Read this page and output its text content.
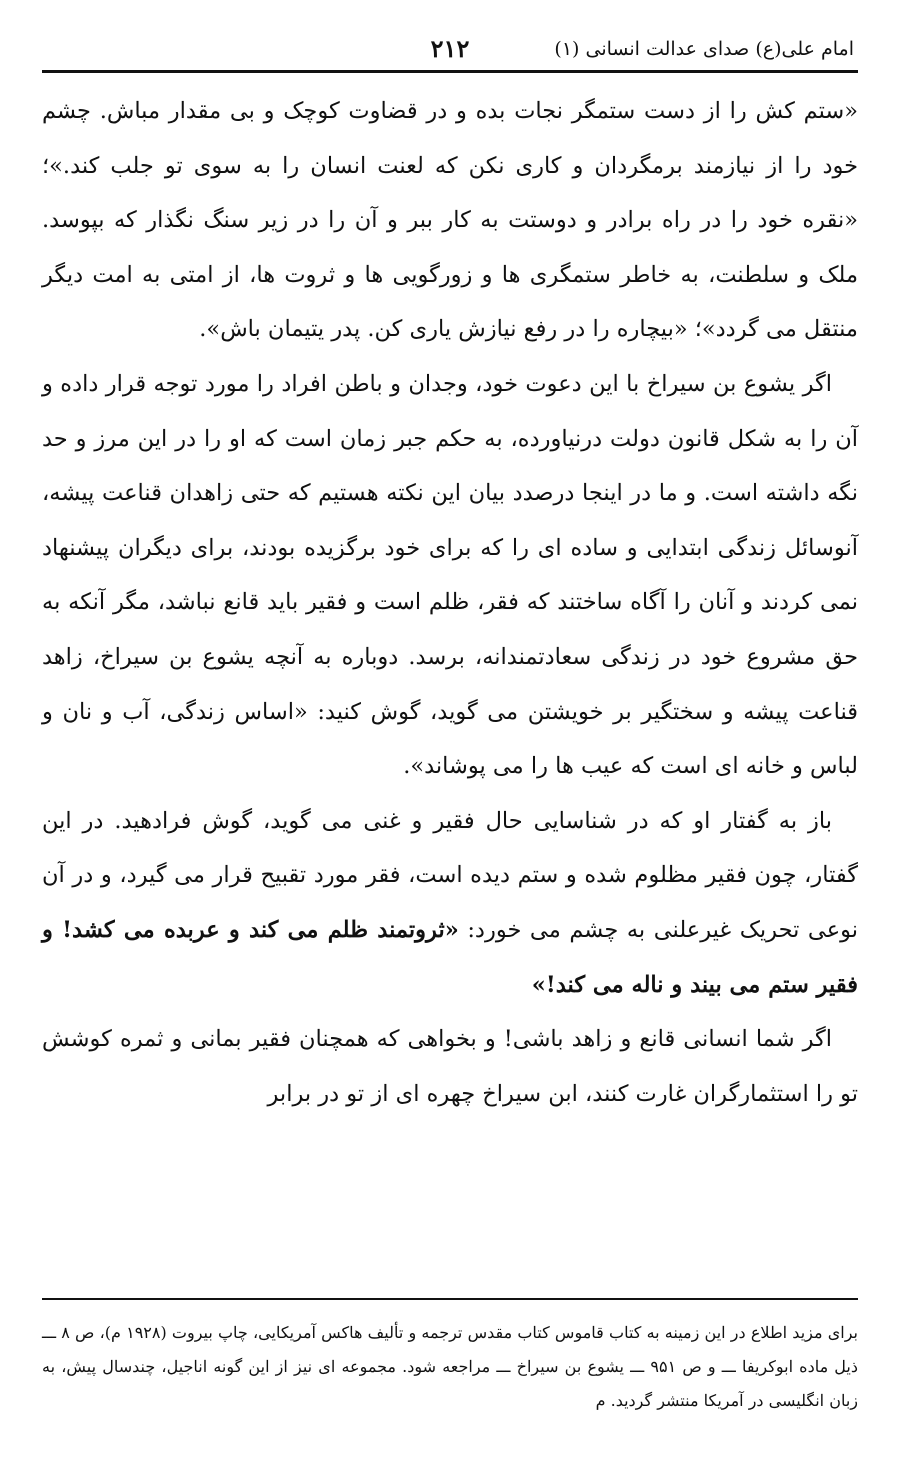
امام علی(ع) صدای عدالت انسانی (۱)
۲۱۲

«ستم کش را از دست ستمگر نجات بده و در قضاوت کوچک و بی مقدار مباش. چشم خود را از نیازمند برمگردان و کاری نکن که لعنت انسان را به سوی تو جلب کند.»؛ «نقره خود را در راه برادر و دوستت به کار ببر و آن را در زیر سنگ نگذار که بپوسد. ملک و سلطنت، به خاطر ستمگری ها و زورگویی ها و ثروت ها، از امتی به امت دیگر منتقل می گردد»؛ «بیچاره را در رفع نیازش یاری کن. پدر یتیمان باش».

اگر یشوع بن سیراخ با این دعوت خود، وجدان و باطن افراد را مورد توجه قرار داده و آن را به شکل قانون دولت درنیاورده، به حکم جبر زمان است که او را در این مرز و حد نگه داشته است. و ما در اینجا درصدد بیان این نکته هستیم که حتی زاهدان قناعت پیشه، آنوسائل زندگی ابتدایی و ساده ای را که برای خود برگزیده بودند، برای دیگران پیشنهاد نمی کردند و آنان را آگاه ساختند که فقر، ظلم است و فقیر باید قانع نباشد، مگر آنکه به حق مشروع خود در زندگی سعادتمندانه، برسد. دوباره به آنچه یشوع بن سیراخ، زاهد قناعت پیشه و سختگیر بر خویشتن می گوید، گوش کنید: «اساس زندگی، آب و نان و لباس و خانه ای است که عیب ها را می پوشاند».

باز به گفتار او که در شناسایی حال فقیر و غنی می گوید، گوش فرادهید. در این گفتار، چون فقیر مظلوم شده و ستم دیده است، فقر مورد تقبیح قرار می گیرد، و در آن نوعی تحریک غیرعلنی به چشم می خورد: «ثروتمند ظلم می کند و عربده می کشد! و فقیر ستم می بیند و ناله می کند!»

اگر شما انسانی قانع و زاهد باشی! و بخواهی که همچنان فقیر بمانی و ثمره کوشش تو را استثمارگران غارت کنند، ابن سیراخ چهره ای از تو در برابر

برای مزید اطلاع در این زمینه به کتاب قاموس کتاب مقدس ترجمه و تألیف هاکس آمریکایی، چاپ بیروت (۱۹۲۸ م)، ص ۸ ـــ ذیل ماده ابوکریفا ـــ و ص ۹۵۱ ـــ یشوع بن سیراخ ـــ مراجعه شود. مجموعه ای نیز از این گونه اناجیل، چندسال پیش، به زبان انگلیسی در آمریکا منتشر گردید. م
